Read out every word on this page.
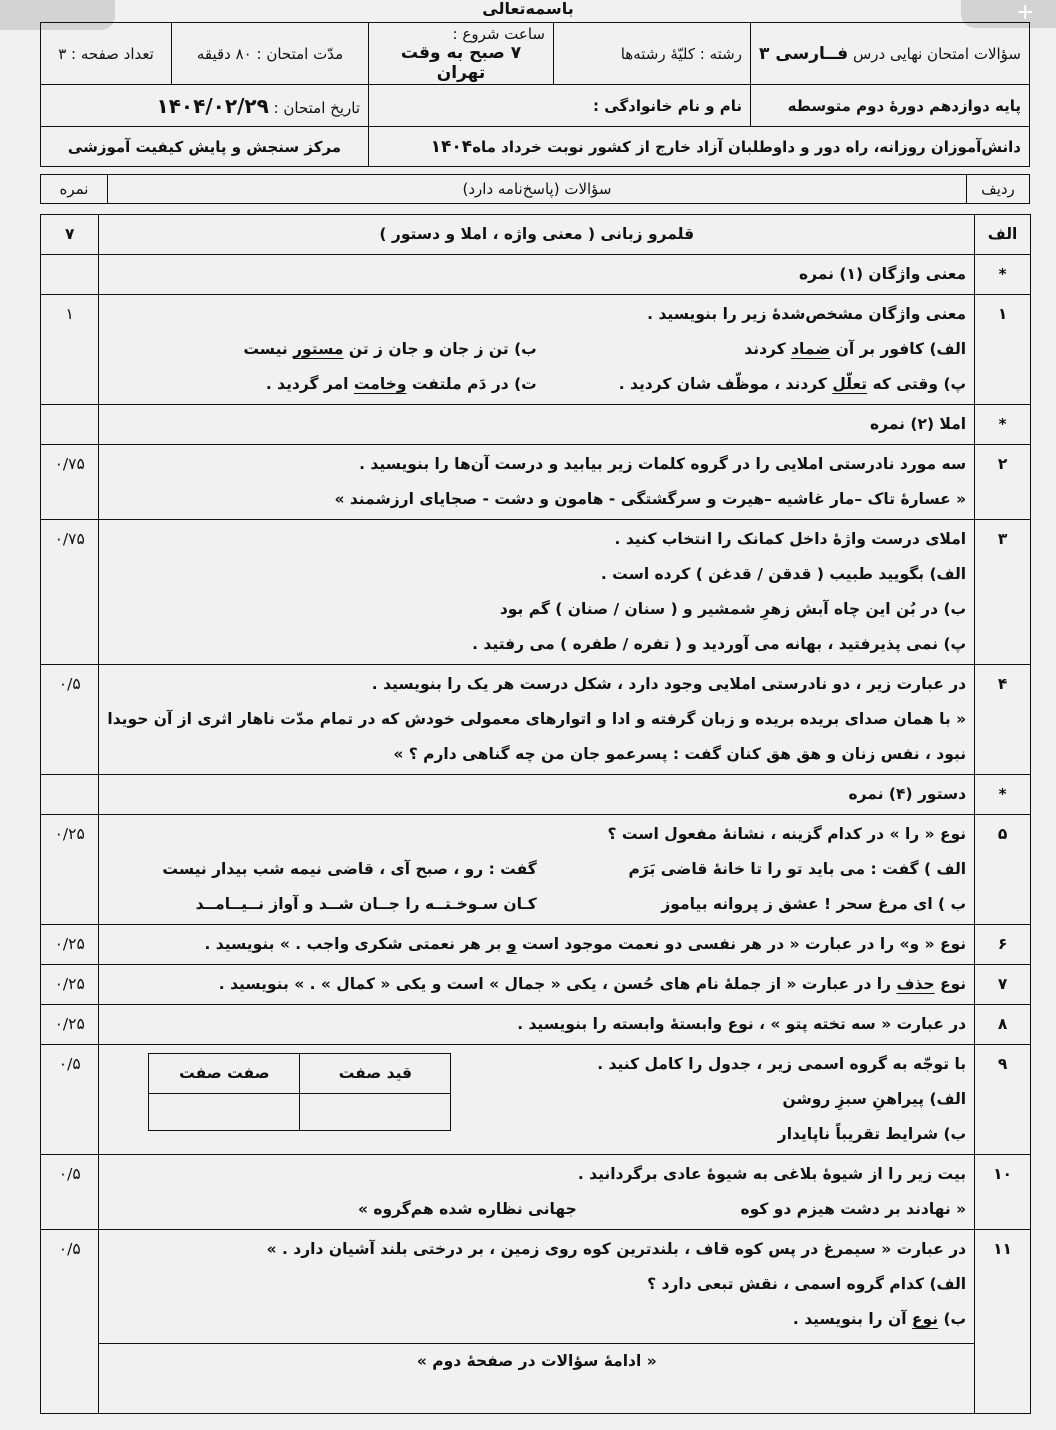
+
باسمه‌تعالی
سؤالات امتحان نهایی درس فــارسی ۳	رشته : کلیّهٔ رشته‌ها	ساعت شروع :
۷ صبح به وقت تهران	مدّت امتحان : ۸۰ دقیقه	تعداد صفحه : ۳
پایه دوازدهم دورهٔ دوم متوسطه	نام و نام خانوادگی :		تاریخ امتحان : ۱۴۰۴/۰۲/۲۹	
دانش‌آموزان روزانه، راه دور و داوطلبان آزاد خارج از کشور نوبت خرداد ماه۱۴۰۴			مرکز سنجش و پایش کیفیت آموزشی	
ردیف	سؤالات (پاسخ‌نامه دارد)	نمره
الف	قلمرو زبانی ( معنی واژه ، املا و دستور )	۷
*	معنی واژگان (۱) نمره	
۱	
معنی واژگان مشخص‌شدهٔ زیر را بنویسید .
الف) کافور بر آن ضماد کردند
ب) تن ز جان و جان ز تن مستور نیست
پ) وقتی که تعلّل کردند ، موظّف شان کردید .
ت) در دَم ملتفت وخامت امر گردید .
	۱
*	املا (۲) نمره	
۲	
سه مورد نادرستی املایی را در گروه کلمات زیر بیابید و درست آن‌ها را بنویسید .
« عسارهٔ تاک –مار غاشیه –هیرت و سرگشتگی - هامون و دشت - صجایای ارزشمند »
	۰/۷۵
۳	
املای درست واژهٔ داخل کمانک را انتخاب کنید .
الف) بگویید طبیب ( قدقن / قدغن ) کرده است .
ب) در بُن این چاه آبش زهرِ شمشیر و ( سنان / صنان ) گم بود
پ) نمی پذیرفتید ، بهانه می آوردید و ( تفره / طفره ) می رفتید .
	۰/۷۵
۴	
در عبارت زیر ، دو نادرستی املایی وجود دارد ، شکل درست هر یک را بنویسید .
« با همان صدای بریده بریده و زبان گرفته و ادا و اتوارهای معمولی خودش که در تمام مدّت ناهار اثری از آن حویدا
نبود ، نفس زنان و هق هق کنان گفت : پسرعمو جان من چه گناهی دارم ؟ »
	۰/۵
*	دستور (۴) نمره	
۵	
نوع « را » در کدام گزینه ، نشانهٔ مفعول است ؟
الف ) گفت : می باید تو را تا خانهٔ قاضی بَرَم
گفت : رو ، صبح آی ، قاضی نیمه شب بیدار نیست
ب ) ای مرغ سحر ! عشق ز پروانه بیاموز
کـان سـوخـتــه را جــان شــد و آواز نــیــامــد
	۰/۲۵
۶	نوع « و» را در عبارت « در هر نفسی دو نعمت موجود است و بر هر نعمتی شکری واجب . » بنویسید .	۰/۲۵
۷	نوع حذف را در عبارت « از جملهٔ نام های حُسن ، یکی « جمال » است و یکی « کمال » . » بنویسید .	۰/۲۵
۸	در عبارت « سه تخته پتو » ، نوع وابستهٔ وابسته را بنویسید .	۰/۲۵
۹	
با توجّه به گروه اسمی زیر ، جدول را کامل کنید .
الف) پیراهنِ سبزِ روشن
ب) شرایط تقریباً ناپایدار
قید صفت	صفت صفت

	۰/۵
۱۰	
بیت زیر را از شیوهٔ بلاغی به شیوهٔ عادی برگردانید .
« نهادند بر دشت هیزم دو کوه
جهانی نظاره شده هم‌گروه »
	۰/۵
۱۱	
در عبارت « سیمرغ در پس کوه قاف ، بلندترین کوه روی زمین ، بر درختی بلند آشیان دارد . »
الف) کدام گروه اسمی ، نقش تبعی دارد ؟
ب) نوع آن را بنویسید .
« ادامهٔ سؤالات در صفحهٔ دوم »
	۰/۵
